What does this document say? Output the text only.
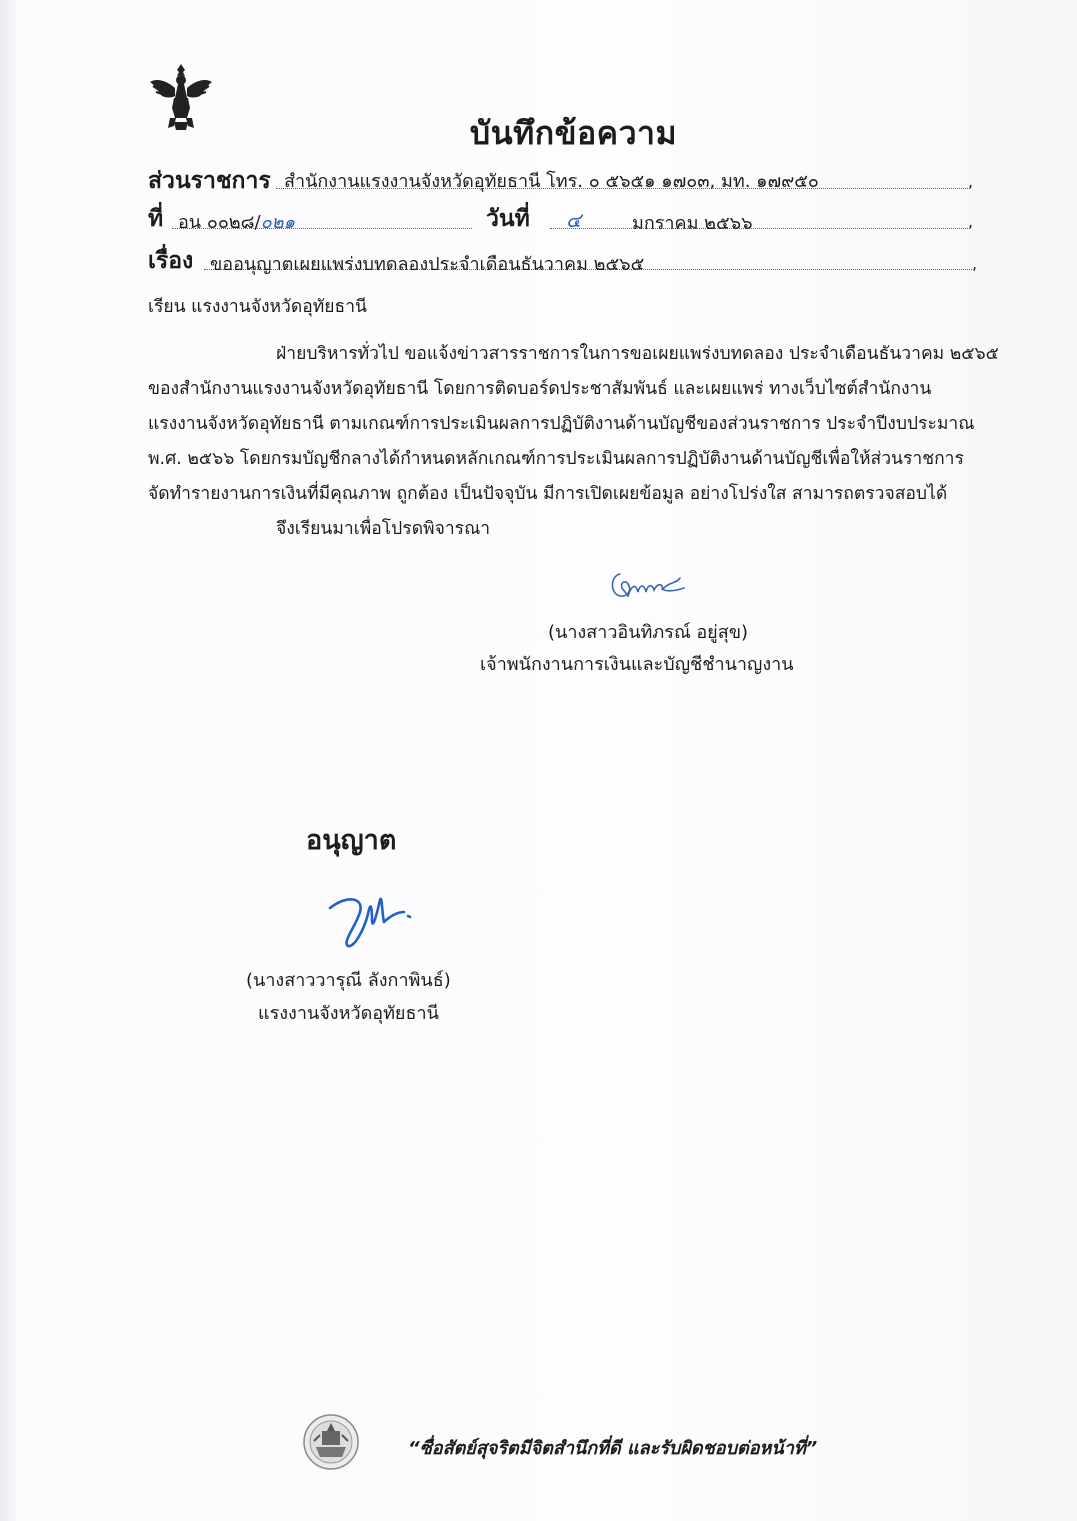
บันทึกข้อความ
ส่วนราชการ สำนักงานแรงงานจังหวัดอุทัยธานี โทร. ๐ ๕๖๕๑ ๑๗๐๓, มท. ๑๗๙๕๐	,
ที่ อน ๐๐๒๘/๐๒๑	วันที่ ๔	มกราคม ๒๕๖๖	,
เรื่อง ขออนุญาตเผยแพร่งบทดลองประจำเดือนธันวาคม ๒๕๖๕	,
เรียน แรงงานจังหวัดอุทัยธานี
ฝ่ายบริหารทั่วไป ขอแจ้งข่าวสารราชการในการขอเผยแพร่งบทดลอง ประจำเดือนธันวาคม ๒๕๖๕
ของสำนักงานแรงงานจังหวัดอุทัยธานี โดยการติดบอร์ดประชาสัมพันธ์ และเผยแพร่ ทางเว็บไซต์สำนักงาน
แรงงานจังหวัดอุทัยธานี ตามเกณฑ์การประเมินผลการปฏิบัติงานด้านบัญชีของส่วนราชการ ประจำปีงบประมาณ
พ.ศ. ๒๕๖๖ โดยกรมบัญชีกลางได้กำหนดหลักเกณฑ์การประเมินผลการปฏิบัติงานด้านบัญชีเพื่อให้ส่วนราชการ
จัดทำรายงานการเงินที่มีคุณภาพ ถูกต้อง เป็นปัจจุบัน มีการเปิดเผยข้อมูล อย่างโปร่งใส สามารถตรวจสอบได้
จึงเรียนมาเพื่อโปรดพิจารณา
(นางสาวอินทิภรณ์ อยู่สุข)
เจ้าพนักงานการเงินและบัญชีชำนาญงาน
อนุญาต
(นางสาววารุณี ลังกาพินธ์)
แรงงานจังหวัดอุทัยธานี
“ซื่อสัตย์สุจริตมีจิตสำนึกที่ดี และรับผิดชอบต่อหน้าที่”
